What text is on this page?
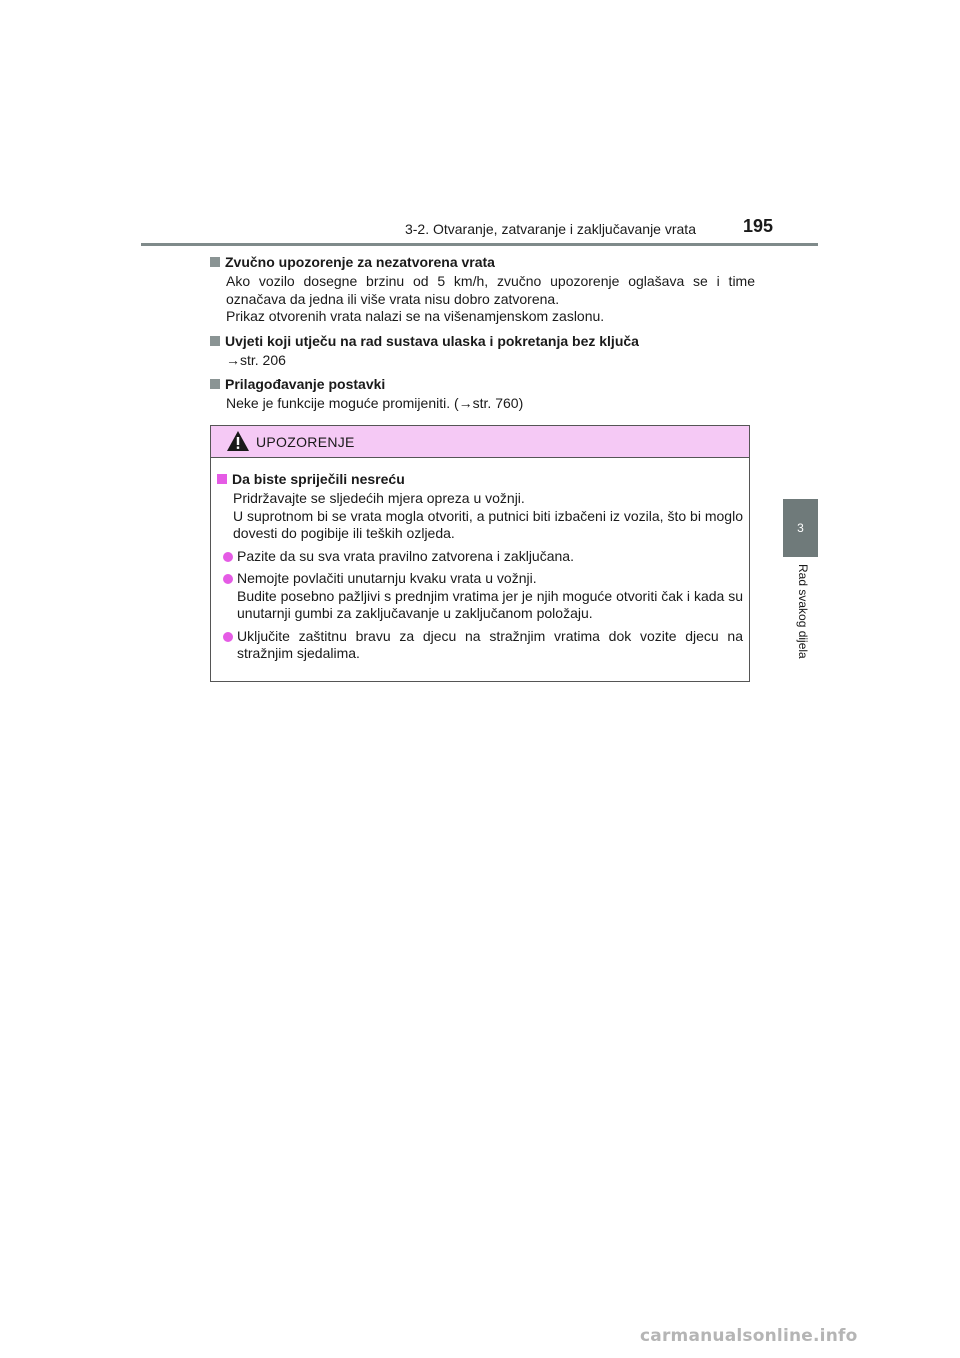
3-2. Otvaranje, zatvaranje i zaključavanje vrata	195
3
Rad svakog dijela
Zvučno upozorenje za nezatvorena vrata

Ako vozilo dosegne brzinu od 5 km/h, zvučno upozorenje oglašava se i time označava da jedna ili više vrata nisu dobro zatvorena.

Prikaz otvorenih vrata nalazi se na višenamjenskom zaslonu.

Uvjeti koji utječu na rad sustava ulaska i pokretanja bez ključa

→str. 206

Prilagođavanje postavki

Neke je funkcije moguće promijeniti. (→str. 760)

UPOZORENJE
Da biste spriječili nesreću

Pridržavajte se sljedećih mjera opreza u vožnji.

U suprotnom bi se vrata mogla otvoriti, a putnici biti izbačeni iz vozila, što bi moglo dovesti do pogibije ili teških ozljeda.

Pazite da su sva vrata pravilno zatvorena i zaključana.

Nemojte povlačiti unutarnju kvaku vrata u vožnji.

Budite posebno pažljivi s prednjim vratima jer je njih moguće otvoriti čak i kada su unutarnji gumbi za zaključavanje u zaključanom položaju.

Uključite zaštitnu bravu za djecu na stražnjim vratima dok vozite djecu na stražnjim sjedalima.

carmanualsonline.info
